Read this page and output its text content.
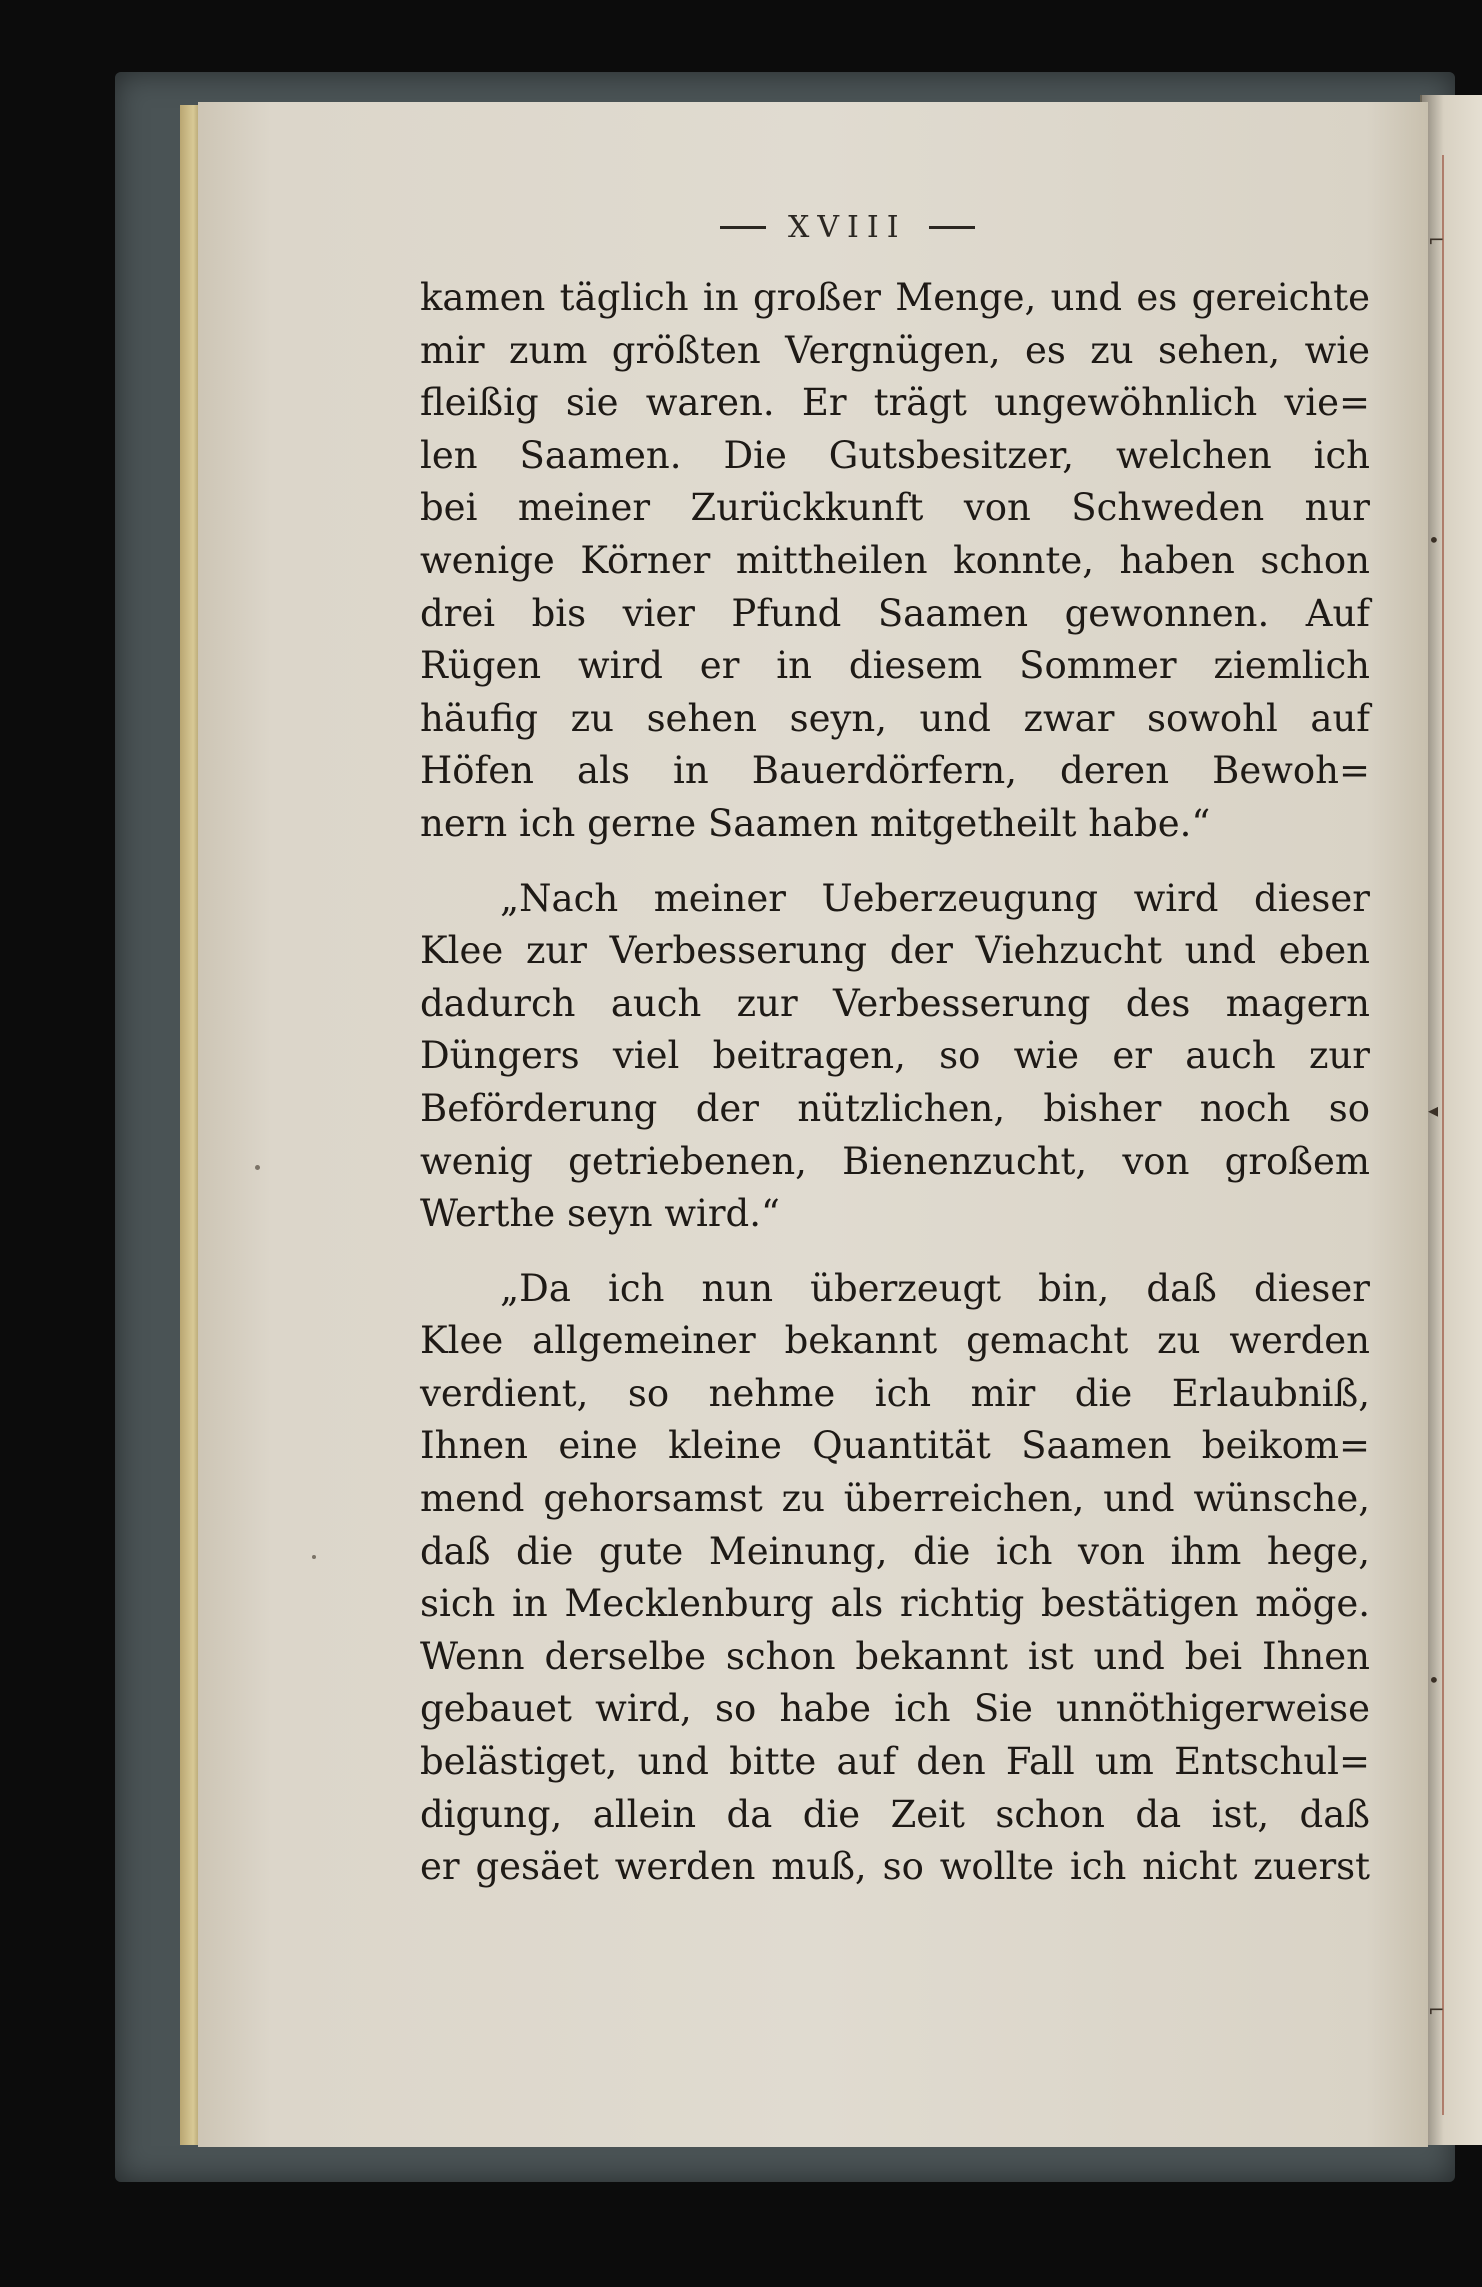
⌐
•
◂
•
⌐
XVIII
kamen täglich in großer Menge, und es gereichte
mir zum größten Vergnügen, es zu sehen, wie
fleißig sie waren. Er trägt ungewöhnlich vie=
len Saamen. Die Gutsbesitzer, welchen ich
bei meiner Zurückkunft von Schweden nur
wenige Körner mittheilen konnte, haben schon
drei bis vier Pfund Saamen gewonnen. Auf
Rügen wird er in diesem Sommer ziemlich
häufig zu sehen seyn, und zwar sowohl auf
Höfen als in Bauerdörfern, deren Bewoh=
nern ich gerne Saamen mitgetheilt habe.“
„Nach meiner Ueberzeugung wird dieser
Klee zur Verbesserung der Viehzucht und eben
dadurch auch zur Verbesserung des magern
Düngers viel beitragen, so wie er auch zur
Beförderung der nützlichen, bisher noch so
wenig getriebenen, Bienenzucht, von großem
Werthe seyn wird.“
„Da ich nun überzeugt bin, daß dieser
Klee allgemeiner bekannt gemacht zu werden
verdient, so nehme ich mir die Erlaubniß,
Ihnen eine kleine Quantität Saamen beikom=
mend gehorsamst zu überreichen, und wünsche,
daß die gute Meinung, die ich von ihm hege,
sich in Mecklenburg als richtig bestätigen möge.
Wenn derselbe schon bekannt ist und bei Ihnen
gebauet wird, so habe ich Sie unnöthigerweise
belästiget, und bitte auf den Fall um Entschul=
digung, allein da die Zeit schon da ist, daß
er gesäet werden muß, so wollte ich nicht zuerst
